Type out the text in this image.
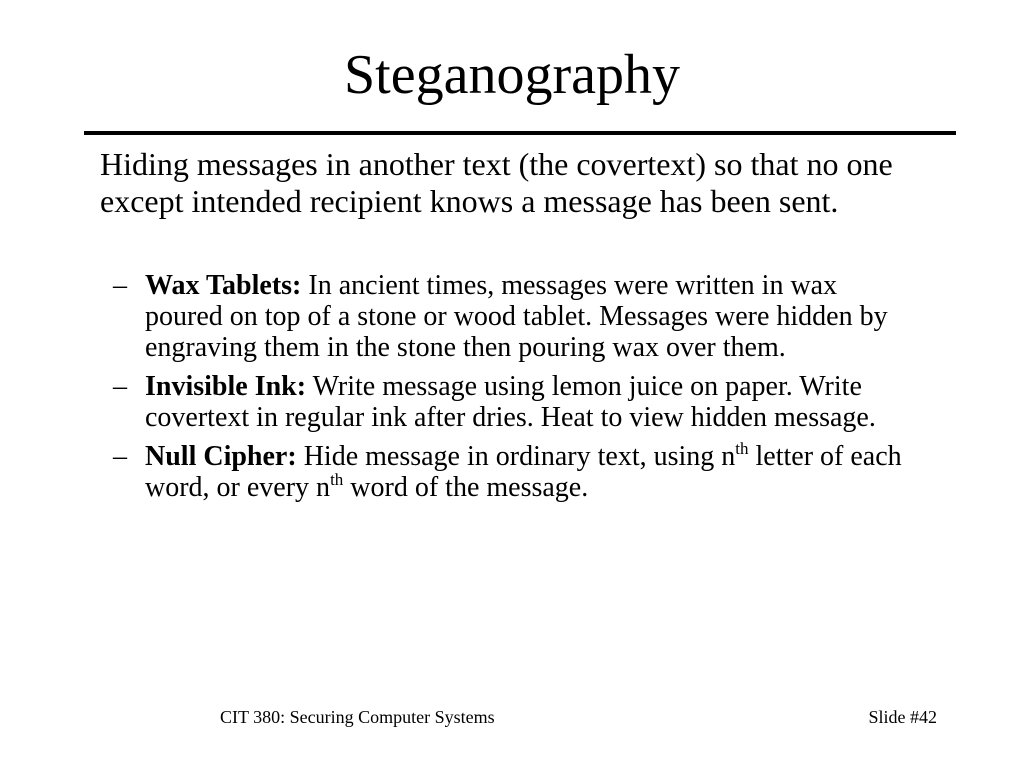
Steganography
Hiding messages in another text (the covertext) so that no one except intended recipient knows a message has been sent.
– Wax Tablets: In ancient times, messages were written in wax poured on top of a stone or wood tablet. Messages were hidden by engraving them in the stone then pouring wax over them.
– Invisible Ink: Write message using lemon juice on paper. Write covertext in regular ink after dries. Heat to view hidden message.
– Null Cipher: Hide message in ordinary text, using $n^{th}$ letter of each word, or every $n^{th}$ word of the message.
CIT 380: Securing Computer Systems	Slide #42
